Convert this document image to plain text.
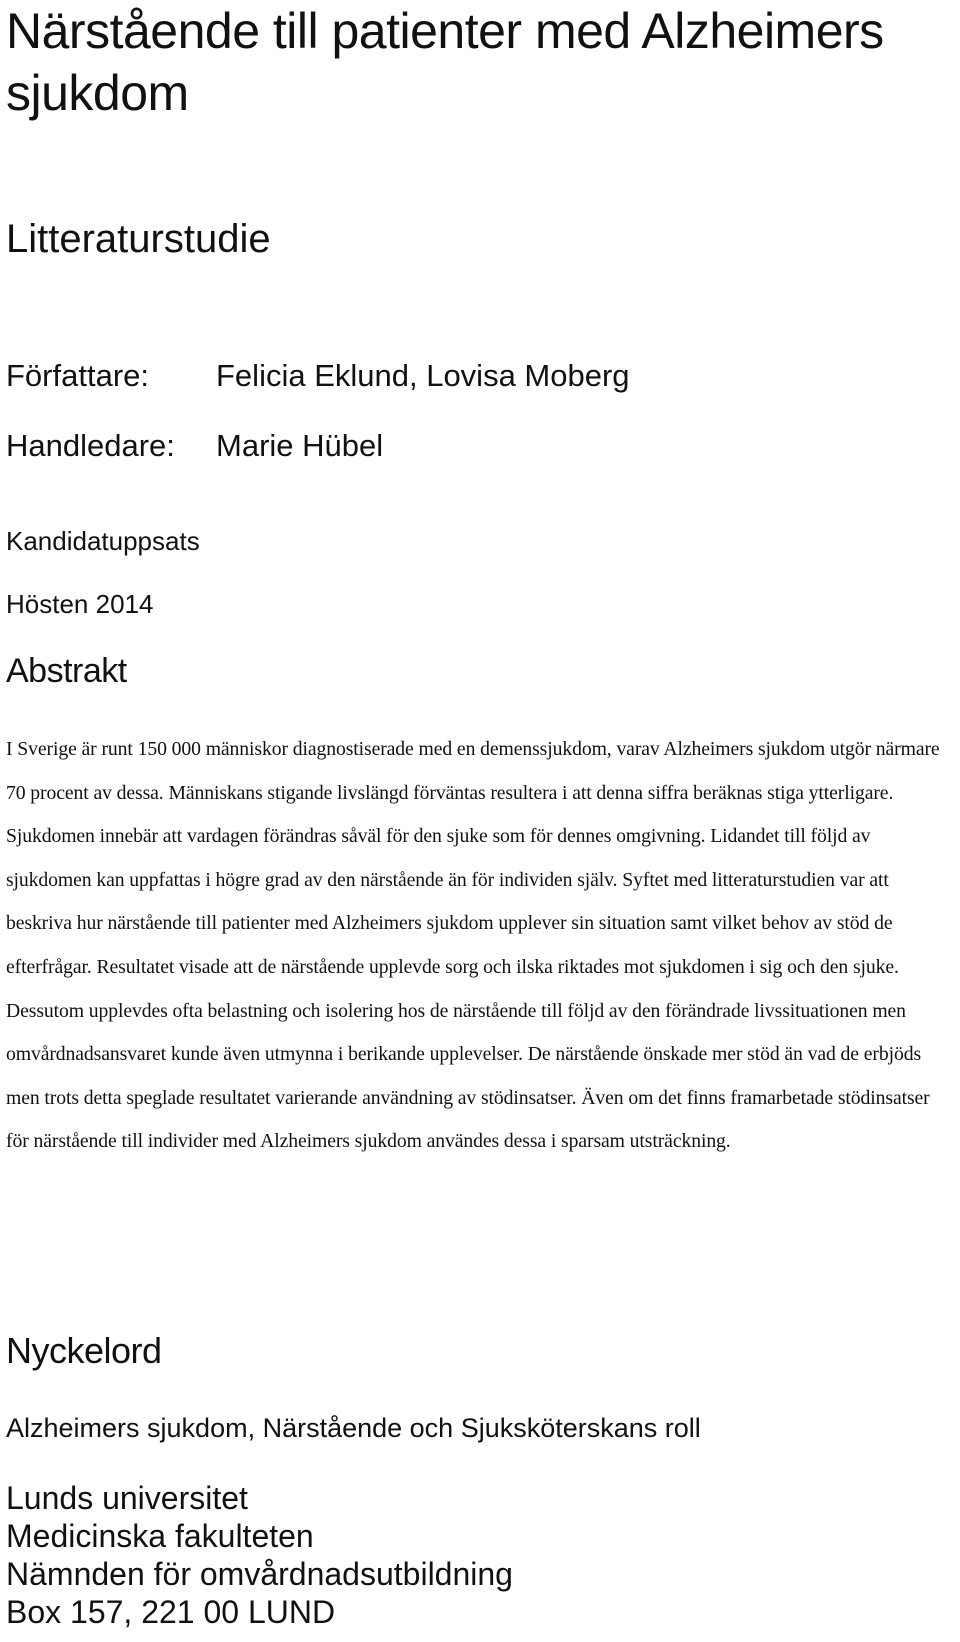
Närstående till patienter med Alzheimers sjukdom
Litteraturstudie
Författare:	Felicia Eklund, Lovisa Moberg
Handledare:	Marie Hübel
Kandidatuppsats
Hösten 2014
Abstrakt

I Sverige är runt 150 000 människor diagnostiserade med en demenssjukdom, varav Alzheimers sjukdom utgör närmare 70 procent av dessa. Människans stigande livslängd förväntas resultera i att denna siffra beräknas stiga ytterligare. Sjukdomen innebär att vardagen förändras såväl för den sjuke som för dennes omgivning. Lidandet till följd av sjukdomen kan uppfattas i högre grad av den närstående än för individen själv. Syftet med litteraturstudien var att beskriva hur närstående till patienter med Alzheimers sjukdom upplever sin situation samt vilket behov av stöd de efterfrågar. Resultatet visade att de närstående upplevde sorg och ilska riktades mot sjukdomen i sig och den sjuke. Dessutom upplevdes ofta belastning och isolering hos de närstående till följd av den förändrade livssituationen men omvårdnadsansvaret kunde även utmynna i berikande upplevelser. De närstående önskade mer stöd än vad de erbjöds men trots detta speglade resultatet varierande användning av stödinsatser. Även om det finns framarbetade stödinsatser för närstående till individer med Alzheimers sjukdom användes dessa i sparsam utsträckning.

Nyckelord
Alzheimers sjukdom, Närstående och Sjuksköterskans roll
Lunds universitet
Medicinska fakulteten
Nämnden för omvårdnadsutbildning
Box 157, 221 00 LUND
